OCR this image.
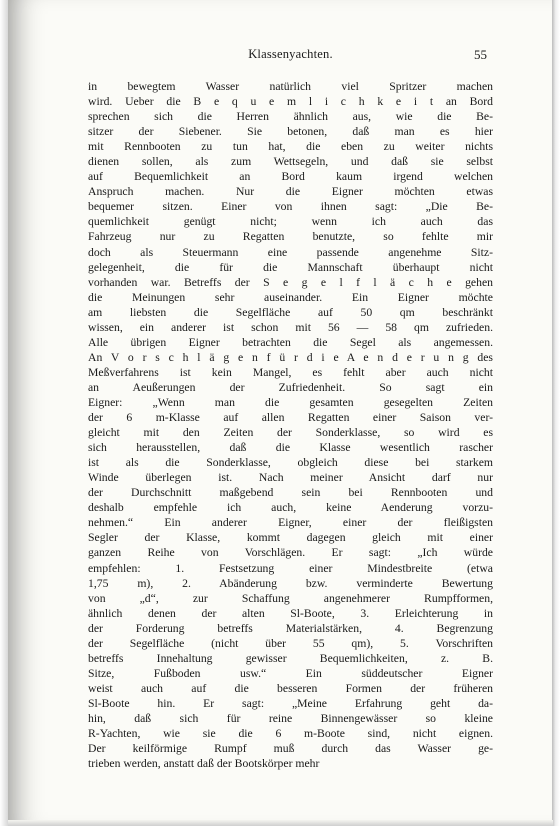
Klassenyachten.	55
in bewegtem Wasser natürlich viel Spritzer machen
wird. Ueber die B e q u e m l i c h k e i t an Bord
sprechen sich die Herren ähnlich aus, wie die Be-
sitzer der Siebener. Sie betonen, daß man es hier
mit Rennbooten zu tun hat, die eben zu weiter nichts
dienen sollen, als zum Wettsegeln, und daß sie selbst
auf Bequemlichkeit an Bord kaum irgend welchen
Anspruch machen. Nur die Eigner möchten etwas
bequemer sitzen. Einer von ihnen sagt: „Die Be-
quemlichkeit genügt nicht; wenn ich auch das
Fahrzeug nur zu Regatten benutzte, so fehlte mir
doch als Steuermann eine passende angenehme Sitz-
gelegenheit, die für die Mannschaft überhaupt nicht
vorhanden war. Betreffs der S e g e l f l ä c h e gehen
die Meinungen sehr auseinander. Ein Eigner möchte
am liebsten die Segelfläche auf 50 qm beschränkt
wissen, ein anderer ist schon mit 56 — 58 qm zufrieden.
Alle übrigen Eigner betrachten die Segel als angemessen.
An V o r s c h l ä g e n f ü r d i e A e n d e r u n g des
Meßverfahrens ist kein Mangel, es fehlt aber auch nicht
an Aeußerungen der Zufriedenheit. So sagt ein
Eigner: „Wenn man die gesamten gesegelten Zeiten
der 6 m-Klasse auf allen Regatten einer Saison ver-
gleicht mit den Zeiten der Sonderklasse, so wird es
sich herausstellen, daß die Klasse wesentlich rascher
ist als die Sonderklasse, obgleich diese bei starkem
Winde überlegen ist. Nach meiner Ansicht darf nur
der Durchschnitt maßgebend sein bei Rennbooten und
deshalb empfehle ich auch, keine Aenderung vorzu-
nehmen.“ Ein anderer Eigner, einer der fleißigsten
Segler der Klasse, kommt dagegen gleich mit einer
ganzen Reihe von Vorschlägen. Er sagt: „Ich würde
empfehlen: 1. Festsetzung einer Mindestbreite (etwa
1,75 m), 2. Abänderung bzw. verminderte Bewertung
von „d“, zur Schaffung angenehmerer Rumpfformen,
ähnlich denen der alten Sl-Boote, 3. Erleichterung in
der Forderung betreffs Materialstärken, 4. Begrenzung
der Segelfläche (nicht über 55 qm), 5. Vorschriften
betreffs Innehaltung gewisser Bequemlichkeiten, z. B.
Sitze, Fußboden usw.“ Ein süddeutscher Eigner
weist auch auf die besseren Formen der früheren
Sl-Boote hin. Er sagt: „Meine Erfahrung geht da-
hin, daß sich für reine Binnengewässer so kleine
R-Yachten, wie sie die 6 m-Boote sind, nicht eignen.
Der keilförmige Rumpf muß durch das Wasser ge-
trieben werden, anstatt daß der Bootskörper mehr
